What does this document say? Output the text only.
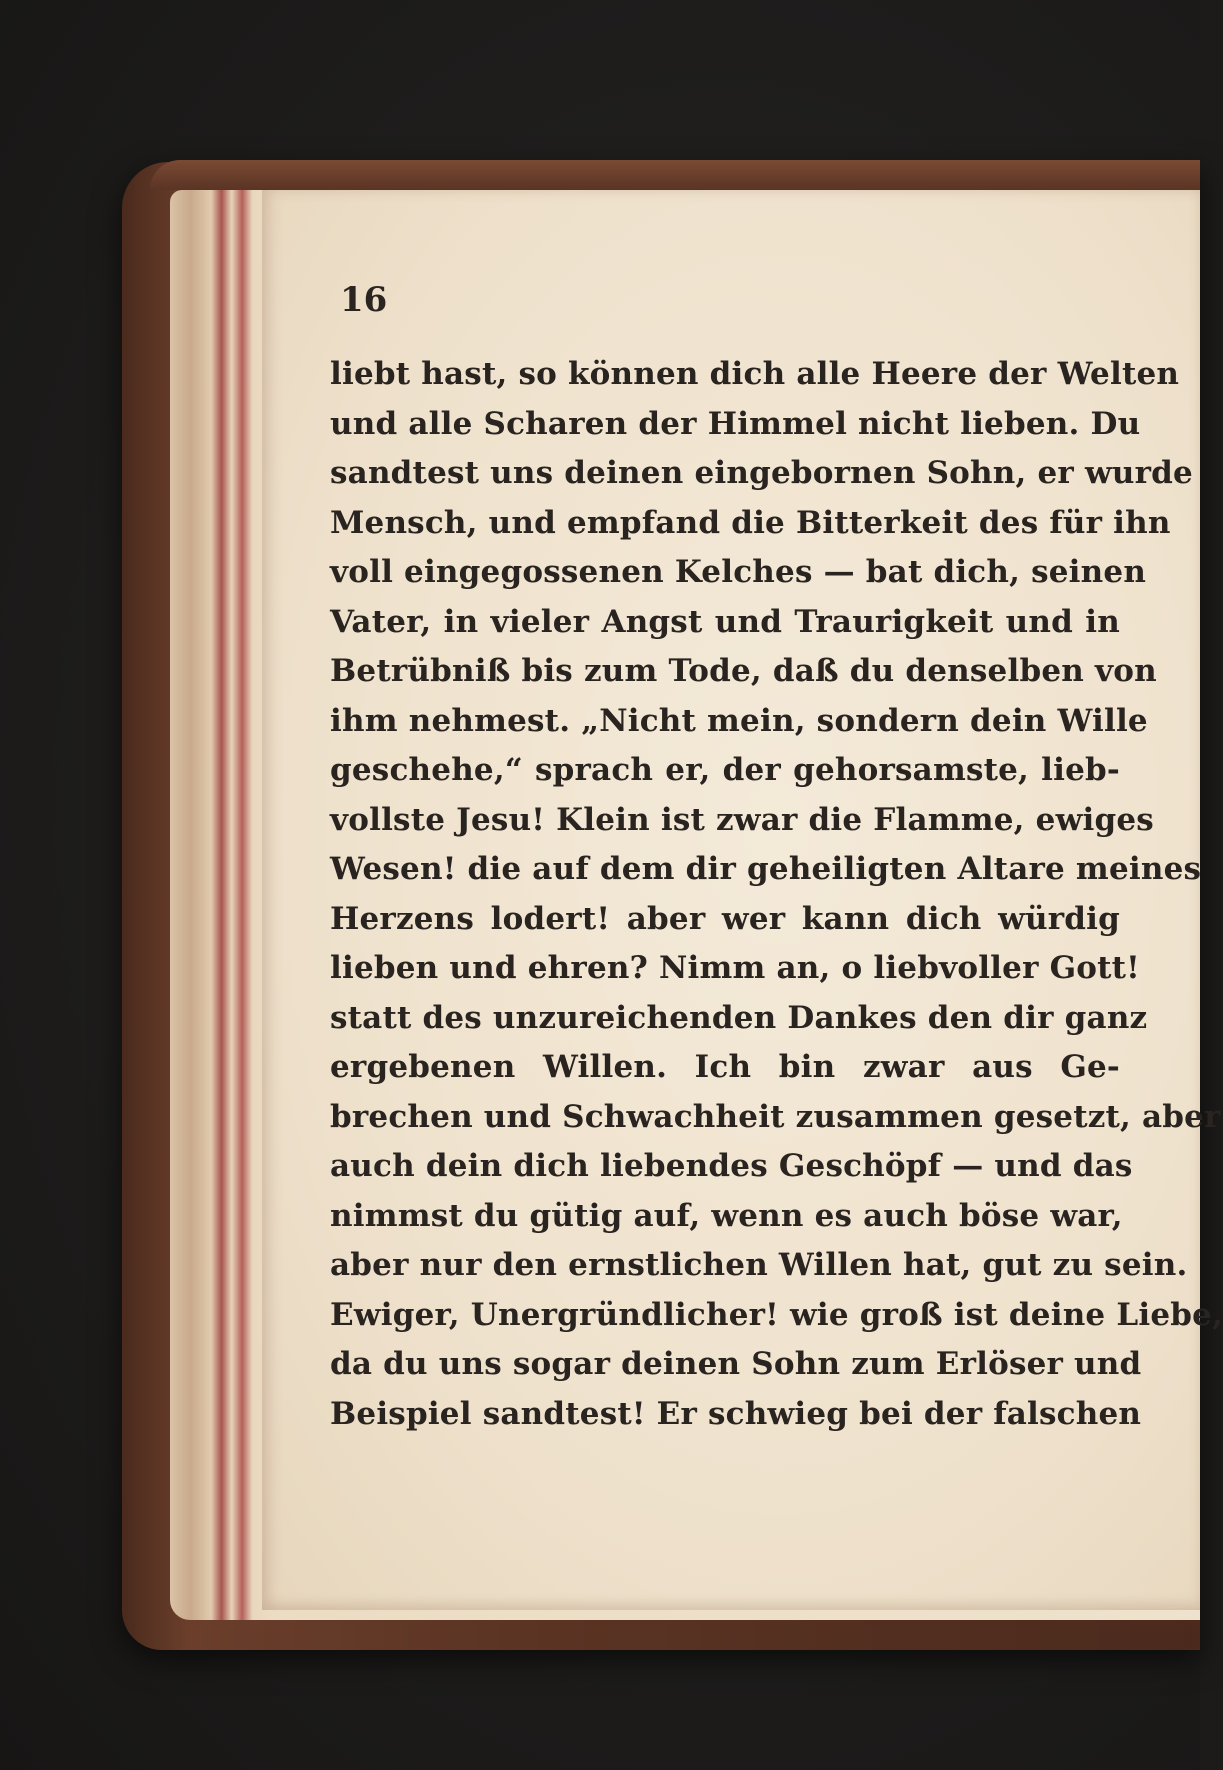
16

liebt hast, so können dich alle Heere der Welten
und alle Scharen der Himmel nicht lieben. Du
sandtest uns deinen eingebornen Sohn, er wurde
Mensch, und empfand die Bitterkeit des für ihn
voll eingegossenen Kelches — bat dich, seinen
Vater, in vieler Angst und Traurigkeit und in
Betrübniß bis zum Tode, daß du denselben von
ihm nehmest. „Nicht mein, sondern dein Wille
geschehe,“ sprach er, der gehorsamste, lieb-
vollste Jesu! Klein ist zwar die Flamme, ewiges
Wesen! die auf dem dir geheiligten Altare meines
Herzens lodert! aber wer kann dich würdig
lieben und ehren? Nimm an, o liebvoller Gott!
statt des unzureichenden Dankes den dir ganz
ergebenen Willen. Ich bin zwar aus Ge-
brechen und Schwachheit zusammen gesetzt, aber
auch dein dich liebendes Geschöpf — und das
nimmst du gütig auf, wenn es auch böse war,
aber nur den ernstlichen Willen hat, gut zu sein.
Ewiger, Unergründlicher! wie groß ist deine Liebe,
da du uns sogar deinen Sohn zum Erlöser und
Beispiel sandtest! Er schwieg bei der falschen
